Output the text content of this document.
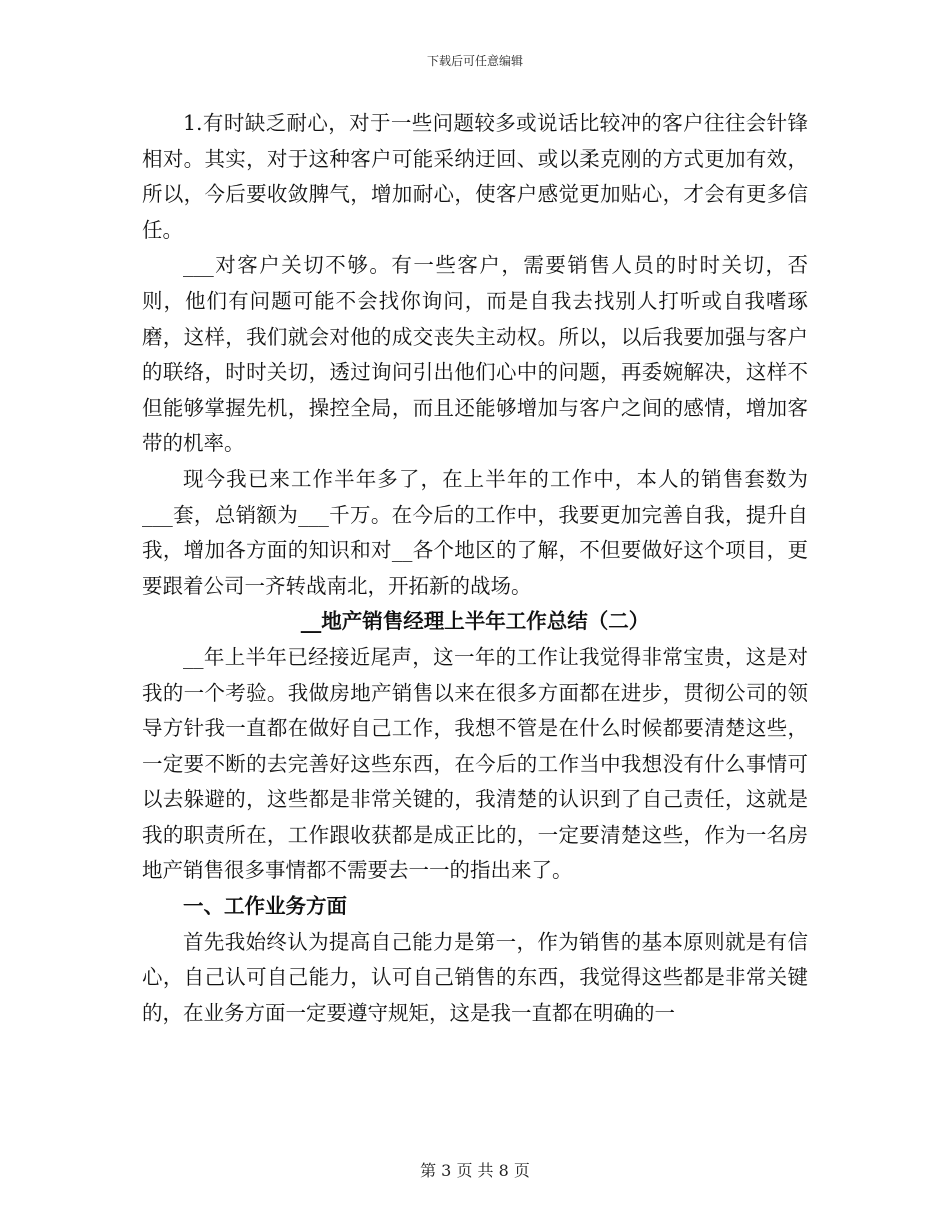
下载后可任意编辑

1.有时缺乏耐心，对于一些问题较多或说话比较冲的客户往往会针锋相对。其实，对于这种客户可能采纳迂回、或以柔克刚的方式更加有效，所以，今后要收敛脾气，增加耐心，使客户感觉更加贴心，才会有更多信任。

___对客户关切不够。有一些客户，需要销售人员的时时关切，否则，他们有问题可能不会找你询问，而是自我去找别人打听或自我嗜琢磨，这样，我们就会对他的成交丧失主动权。所以，以后我要加强与客户的联络，时时关切，透过询问引出他们心中的问题，再委婉解决，这样不但能够掌握先机，操控全局，而且还能够增加与客户之间的感情，增加客带的机率。

现今我已来工作半年多了，在上半年的工作中，本人的销售套数为___套，总销额为___千万。在今后的工作中，我要更加完善自我，提升自我，增加各方面的知识和对__各个地区的了解，不但要做好这个项目，更要跟着公司一齐转战南北，开拓新的战场。

__地产销售经理上半年工作总结（二）

__年上半年已经接近尾声，这一年的工作让我觉得非常宝贵，这是对我的一个考验。我做房地产销售以来在很多方面都在进步，贯彻公司的领导方针我一直都在做好自己工作，我想不管是在什么时候都要清楚这些，一定要不断的去完善好这些东西，在今后的工作当中我想没有什么事情可以去躲避的，这些都是非常关键的，我清楚的认识到了自己责任，这就是我的职责所在，工作跟收获都是成正比的，一定要清楚这些，作为一名房地产销售很多事情都不需要去一一的指出来了。

一、工作业务方面

首先我始终认为提高自己能力是第一，作为销售的基本原则就是有信心，自己认可自己能力，认可自己销售的东西，我觉得这些都是非常关键的，在业务方面一定要遵守规矩，这是我一直都在明确的一

第 3 页 共 8 页
